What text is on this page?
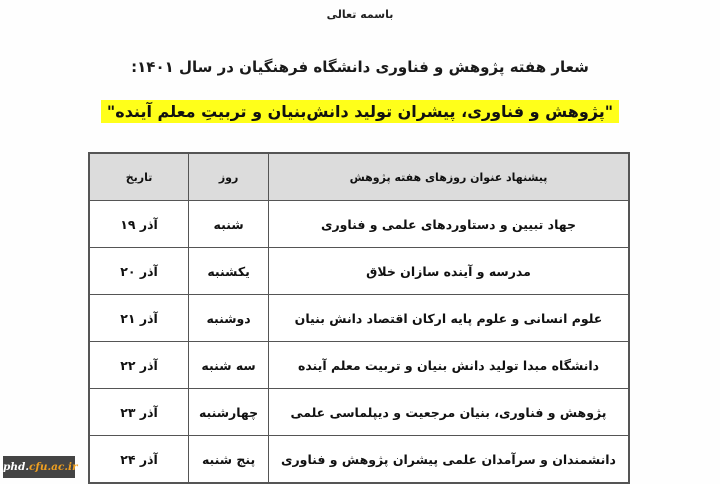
باسمه تعالی
شعار هفته پژوهش و فناوری دانشگاه فرهنگیان در سال ۱۴۰۱:
"پژوهش و فناوری، پیشران تولید دانش‌بنیان و تربیتِ معلم آینده"
پیشنهاد عنوان روزهای هفته پژوهش	روز	تاریخ
جهاد تبیین و دستاوردهای علمی و فناوری	شنبه	آذر ۱۹
مدرسه و آینده سازان خلاق	یکشنبه	آذر ۲۰
علوم انسانی و علوم پایه ارکان اقتصاد دانش بنیان	دوشنبه	آذر ۲۱
دانشگاه مبدا تولید دانش بنیان و تربیت معلم آینده	سه شنبه	آذر ۲۲
پژوهش و فناوری، بنیان مرجعیت و دیپلماسی علمی	چهارشنبه	آذر ۲۳
دانشمندان و سرآمدان علمی پیشران پژوهش و فناوری	پنج شنبه	آذر ۲۴
phd.cfu.ac.ir
